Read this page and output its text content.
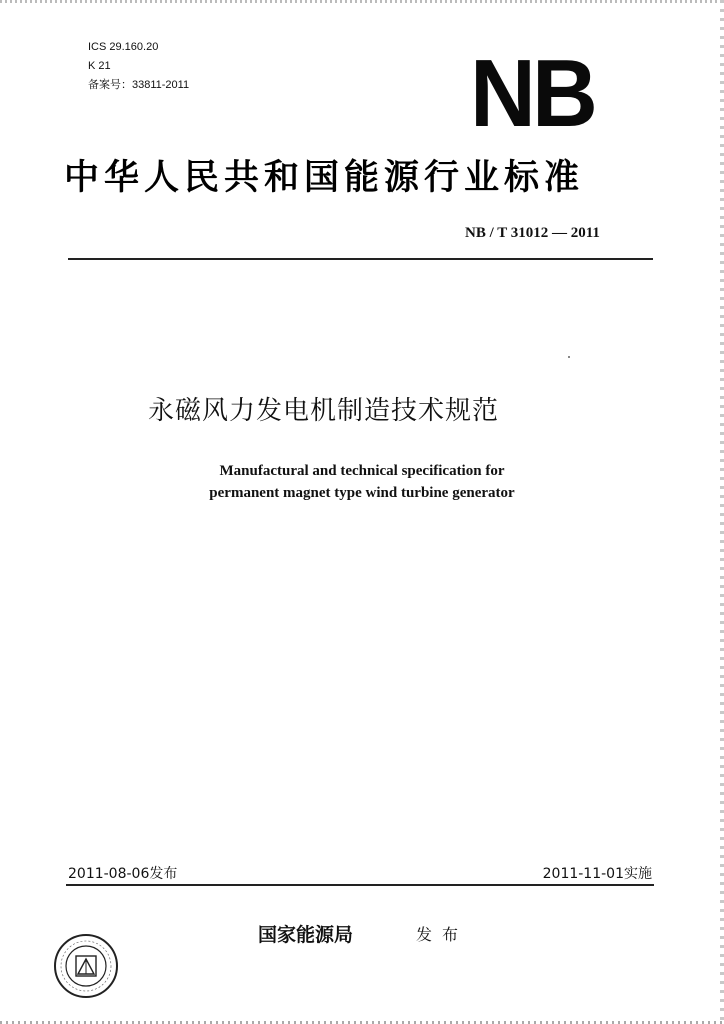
ICS 29.160.20
K 21
备案号：33811-2011	NB
中华人民共和国能源行业标准
NB / T 31012 — 2011
永磁风力发电机制造技术规范
Manufactural and technical specification for
permanent magnet type wind turbine generator
2011-08-06发布	2011-11-01实施
国家能源局	发布
